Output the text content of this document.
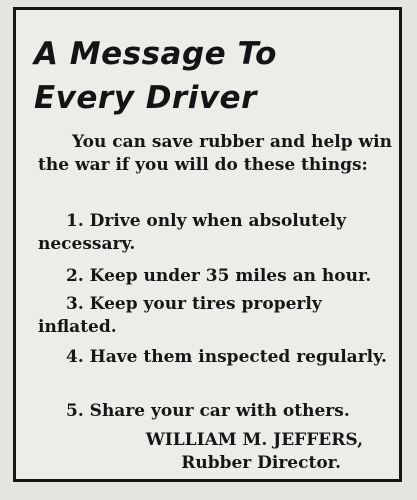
A Message To
Every Driver

You can save rubber and help win the war if you will do these things:

1. Drive only when absolutely necessary.

2. Keep under 35 miles an hour.

3. Keep your tires properly inflated.

4. Have them inspected regularly.

5. Share your car with others.

WILLIAM M. JEFFERS,

Rubber Director.
